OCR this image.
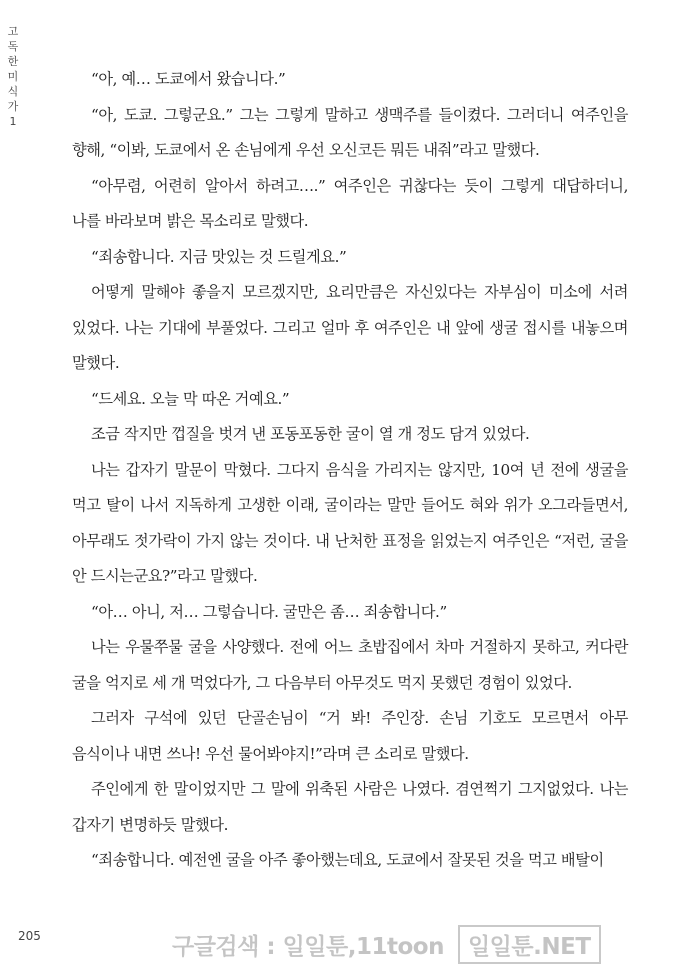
고독한 미식가 1

“아, 예… 도쿄에서 왔습니다.”

“아, 도쿄. 그렇군요.” 그는 그렇게 말하고 생맥주를 들이켰다. 그러더니 여주인을 향해, “이봐, 도쿄에서 온 손님에게 우선 오신코든 뭐든 내줘”라고 말했다.

“아무렴, 어련히 알아서 하려고….” 여주인은 귀찮다는 듯이 그렇게 대답하더니, 나를 바라보며 밝은 목소리로 말했다.

“죄송합니다. 지금 맛있는 것 드릴게요.”

어떻게 말해야 좋을지 모르겠지만, 요리만큼은 자신있다는 자부심이 미소에 서려 있었다. 나는 기대에 부풀었다. 그리고 얼마 후 여주인은 내 앞에 생굴 접시를 내놓으며 말했다.

“드세요. 오늘 막 따온 거예요.”

조금 작지만 껍질을 벗겨 낸 포동포동한 굴이 열 개 정도 담겨 있었다.

나는 갑자기 말문이 막혔다. 그다지 음식을 가리지는 않지만, 10여 년 전에 생굴을 먹고 탈이 나서 지독하게 고생한 이래, 굴이라는 말만 들어도 혀와 위가 오그라들면서, 아무래도 젓가락이 가지 않는 것이다. 내 난처한 표정을 읽었는지 여주인은 “저런, 굴을 안 드시는군요?”라고 말했다.

“아… 아니, 저… 그렇습니다. 굴만은 좀… 죄송합니다.”

나는 우물쭈물 굴을 사양했다. 전에 어느 초밥집에서 차마 거절하지 못하고, 커다란 굴을 억지로 세 개 먹었다가, 그 다음부터 아무것도 먹지 못했던 경험이 있었다.

그러자 구석에 있던 단골손님이 “거 봐! 주인장. 손님 기호도 모르면서 아무 음식이나 내면 쓰나! 우선 물어봐야지!”라며 큰 소리로 말했다.

주인에게 한 말이었지만 그 말에 위축된 사람은 나였다. 겸연쩍기 그지없었다. 나는 갑자기 변명하듯 말했다.

“죄송합니다. 예전엔 굴을 아주 좋아했는데요, 도쿄에서 잘못된 것을 먹고 배탈이

205	구글검색 : 일일툰,11toon	일일툰.NET
